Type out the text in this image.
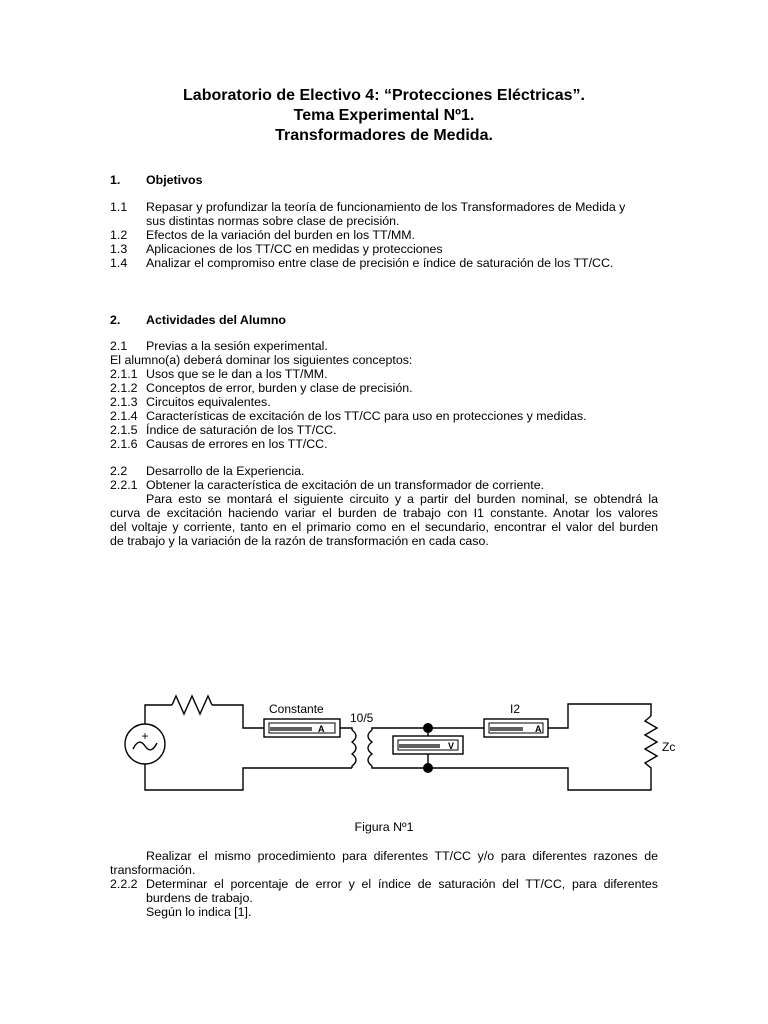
Laboratorio de Electivo 4: “Protecciones Eléctricas”.
Tema Experimental Nº1.
Transformadores de Medida.
1. Objetivos
1.1 Repasar y profundizar la teoría de funcionamiento de los Transformadores de Medida y
sus distintas normas sobre clase de precisión.
1.2 Efectos de la variación del burden en los TT/MM.
1.3 Aplicaciones de los TT/CC en medidas y protecciones
1.4 Analizar el compromiso entre clase de precisión e índice de saturación de los TT/CC.
2. Actividades del Alumno
2.1 Previas a la sesión experimental.
El alumno(a) deberá dominar los siguientes conceptos:
2.1.1 Usos que se le dan a los TT/MM.
2.1.2 Conceptos de error, burden y clase de precisión.
2.1.3 Circuitos equivalentes.
2.1.4 Características de excitación de los TT/CC para uso en protecciones y medidas.
2.1.5 Índice de saturación de los TT/CC.
2.1.6 Causas de errores en los TT/CC.
2.2 Desarrollo de la Experiencia.
2.2.1 Obtener la característica de excitación de un transformador de corriente.
Para esto se montará el siguiente circuito y a partir del burden nominal, se obtendrá la
curva de excitación haciendo variar el burden de trabajo con I1 constante. Anotar los valores
del voltaje y corriente, tanto en el primario como en el secundario, encontrar el valor del burden
de trabajo y la variación de la razón de transformación en cada caso.
+
Constante	I2
10/5
Zc
A	A
V
Figura Nº1
Realizar el mismo procedimiento para diferentes TT/CC y/o para diferentes razones de
transformación.
2.2.2 Determinar el porcentaje de error y el índice de saturación del TT/CC, para diferentes
burdens de trabajo.
Según lo indica [1].
